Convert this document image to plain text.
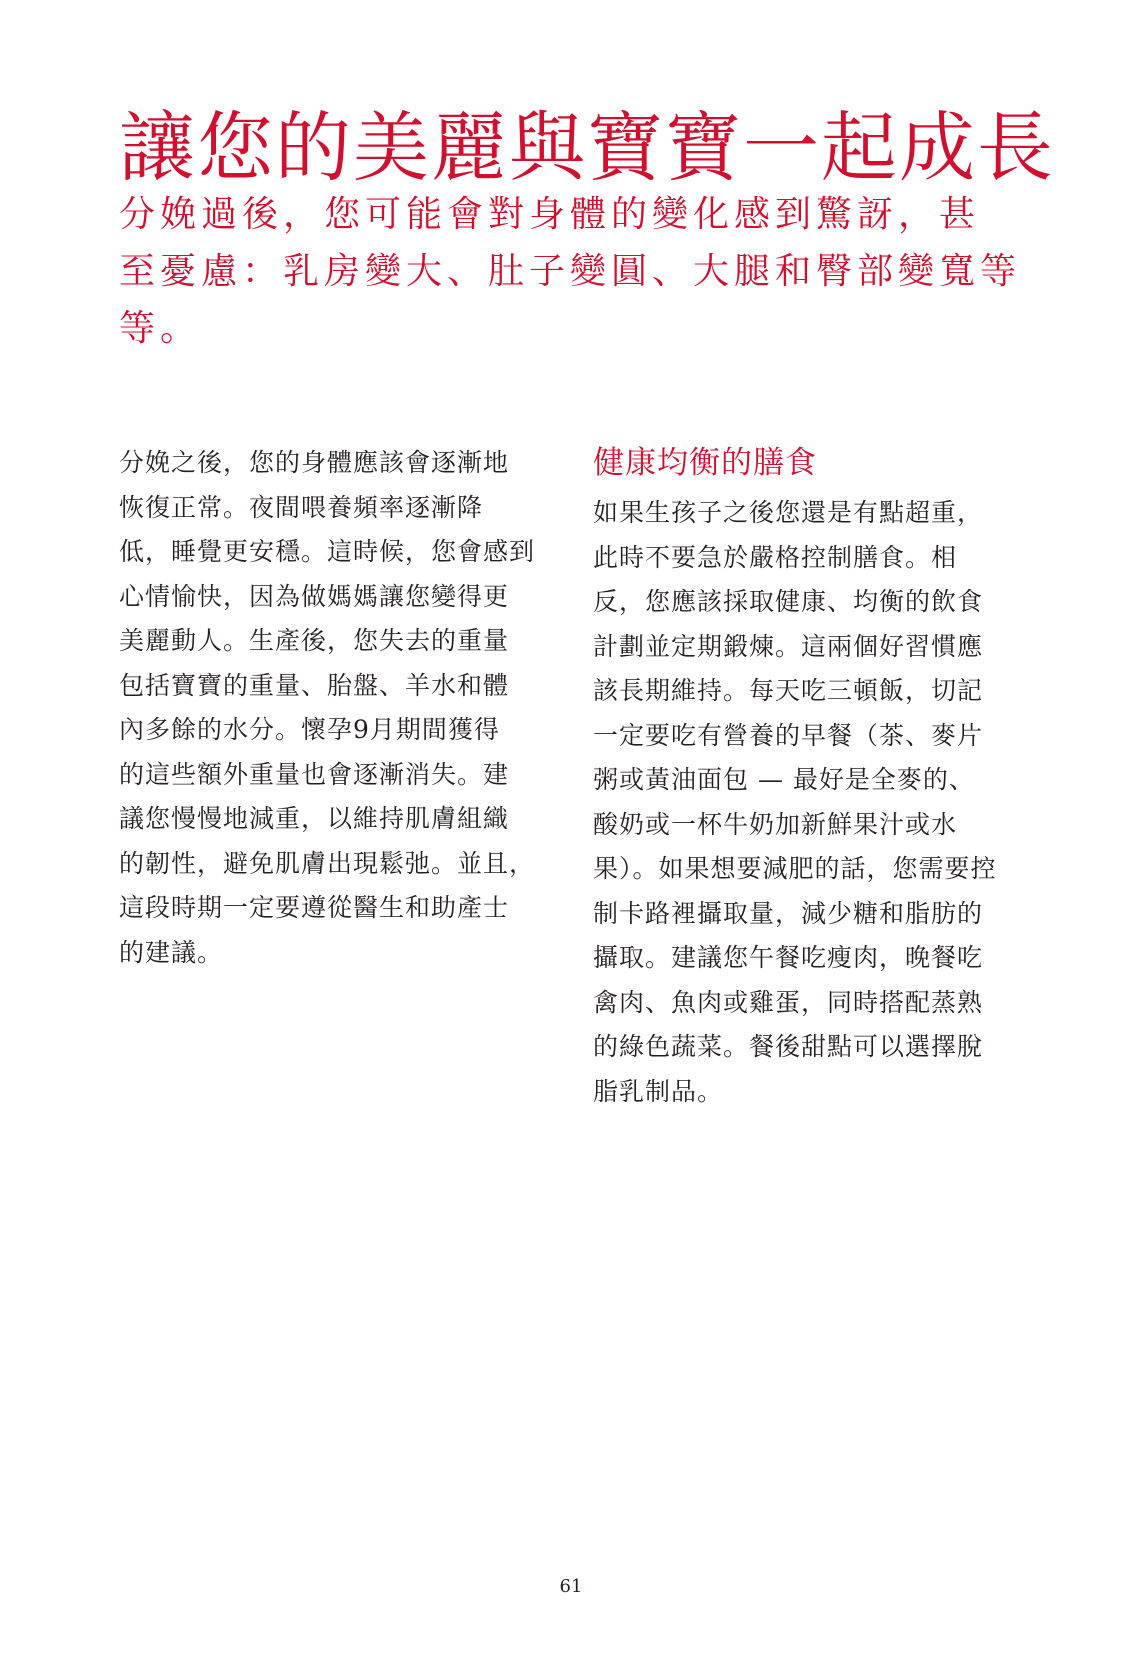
讓您的美麗與寶寶一起成長
分娩過後，您可能會對身體的變化感到驚訝，甚
至憂慮：乳房變大、肚子變圓、大腿和臀部變寬等
等。
分娩之後，您的身體應該會逐漸地
恢復正常。夜間喂養頻率逐漸降
低，睡覺更安穩。這時候，您會感到
心情愉快，因為做媽媽讓您變得更
美麗動人。生產後，您失去的重量
包括寶寶的重量、胎盤、羊水和體
內多餘的水分。懷孕9月期間獲得
的這些額外重量也會逐漸消失。建
議您慢慢地減重，以維持肌膚組織
的韌性，避免肌膚出現鬆弛。並且，
這段時期一定要遵從醫生和助產士
的建議。
健康均衡的膳食
如果生孩子之後您還是有點超重，
此時不要急於嚴格控制膳食。相
反，您應該採取健康、均衡的飲食
計劃並定期鍛煉。這兩個好習慣應
該長期維持。每天吃三頓飯，切記
一定要吃有營養的早餐（茶、麥片
粥或黃油面包 — 最好是全麥的、
酸奶或一杯牛奶加新鮮果汁或水
果）。如果想要減肥的話，您需要控
制卡路裡攝取量，減少糖和脂肪的
攝取。建議您午餐吃瘦肉，晚餐吃
禽肉、魚肉或雞蛋，同時搭配蒸熟
的綠色蔬菜。餐後甜點可以選擇脫
脂乳制品。
61
